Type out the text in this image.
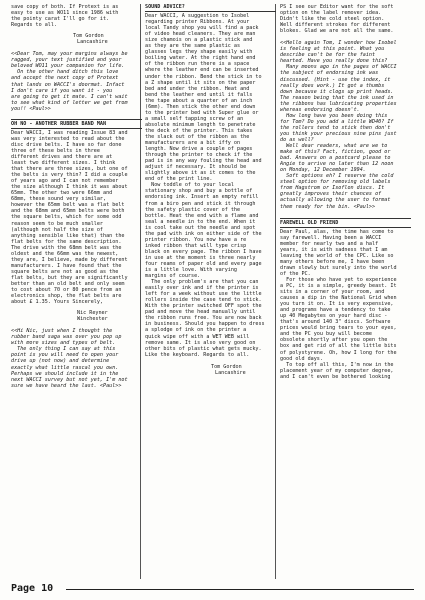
save copy of both. If Protext is as
easy to use as WO11 since 1986 with
the pointy carat I'll go for it.
Regards to all.
Tom Gordon
Lancashire
<<Dear Tom, may your margins always be
ragged, your text justified and your
beloved WO11 your companion for life.
On the other hand ditch this love
and accept the next copy of Protext
that lands on WACCI's doormat. Infact
I don't care if you want it - you
are going to get it mate. I can't wait
to see what kind of letter we get from
you!! <Paul>>
OH NO - ANOTHER RUBBER BAND MAN
Dear WACCI, I was reading Issue 83 and
was very interested to read about the
disc drive belts. I have so far done
three of these belts in three
different drives and there are at
least two different sizes. I think
that there are three sizes, but one of
the belts is very thin? I did a couple
of years ago and I can not remember
the size although I think it was about
65mm. The other two were 66mm and
68mm, these sound very similar,
however the 65mm belt was a flat belt
and the 68mm and 65mm belts were both
the square belts, which for some odd
reason seem to be much smaller
(although not half the size of
anything sensible like that) than the
flat belts for the same description.
The drive with the 68mm belt was the
oldest and the 66mm was the newest,
they are, I believe, made by different
manufacturers. I have found that the
square belts are not as good as the
flat belts, but they are significantly
better than an old belt and only seem
to cost about 70 or 80 pence from an
electronics shop, the flat belts are
about £ 1.35. Yours Sincerely,
Nic Reyner
Winchester
<<Hi Nic, just when I thought the
rubber band saga was over you pop up
with more sizes and types of belt.
The only thing I can say at this
point is you will need to open your
drive up (not now) and determine
exactly what little rascal you own.
Perhaps we should include it in the
next WACCI survey but not yet, I'm not
sure we have heard the last. <Paul>>
SOUND ADVICE?
Dear WACCI, A suggestion to Isobel
regarding printer Ribbons. At your
local Tandy shop you will find a pack
of video head cleaners. They are man
size chamois on a plastic stick and
as they are the same plastic as
glasses legs they shape easily with
boiling water. At the right hand end
of the ribbon run there is a space
where the leather end can be inserted
under the ribbon. Bend the stick in to
a Z shape until it sits on the paper
bed and under the ribbon. Heat and
bend the leather end until it falls
the tape about a quarter of an inch
(6mm). Then stick the other end down
to the printer bed with Super glue or
a small self tapping screw of an
absolute minimum length to penetrate
the deck of the printer. This takes
the slack out of the ribbon as the
manufacturers are a bit iffy on
length. Now drive a couple of pages
through the printer to check if the
pad is in any way fouling the head and
adjust if necessary. It should be
slightly above it as it comes to the
end of the print line.
Now toddle of to your local
stationary shop and buy a bottle of
endorsing ink. Insert an empty refill
from a biro pen and stick it through
the safety plastic cover of the
bottle. Heat the end with a flame and
seal a needle in to the end. When it
is cool take out the needle and spot
the pad with ink on either side of the
printer ribbon. You now have a re
inked ribbon that will type crisp
black on every page. The ribbon I have
in use at the moment is three nearly
four reams of paper old and every page
is a little love. With varying
margins of course.
The only problem's are that you can
easily over ink and if the printer is
left for a week without use the little
rollers inside the case tend to stick.
With the printer switched OFF spot the
pad and move the head manually until
the ribbon runs free. You are now back
in business. Should you happen to dress
a splodge of ink on the printer a
quick wipe off with a WET WEB will
remove same. It is also very good on
other bits of plastic what gets mucky.
Like the keyboard. Regards to all.
Tom Gordon
Lancashire
PS I see our Editor want for the soft
option on the label remover idea.
Didn't like the cold steel option.
Well different strokes for different
blokes. Glad we are not all the same.
<<Hello again Tom, I wonder how Isobel
is feeling at this point. What you
describe can't be for the faint
hearted. Have you really done this?
Many moons ago in the pages of WACCI
the subject of endorsing ink was
discussed. (Hint - use the index, it
really does work.) It got a thumbs
down because it clogs up print heads.
The reason being that the ink used in
the ribbons has lubricating properties
whereas endorsing doesn't.
How long have you been doing this
for Tom? Do you add a little WD40? If
the rollers tend to stick then don't
you think your precious nine pins just
do as well?
Well dear readers, what are we to
make of this? Fact, fiction, good or
bad. Answers on a postcard please to
Angie to arrive no later than 12 noon
on Monday, 12 December 1994.
Soft options eh? I reserve the cold
steel option for removing old labels
from Hagstrom or Isoflon discs. It
greatly improves their chances of
actually allowing the user to format
them ready for the bin. <Paul>>
FAREWELL OLD FRIEND
Dear Paul, alas, the time has come to
say farewell. Having been a WACCI
member for nearly two and a half
years, it is with sadness that I am
leaving the world of the CPC. Like so
many others before me, I have been
drawn slowly but surely into the world
of the PC.
For those who have yet to experience
a PC, it is a simple, greedy beast. It
sits in a corner of your room, and
causes a dip in the National Grid when
you turn it on. It is very expensive,
and programs have a tendency to take
up 40 Megabytes on your hard disc -
that's around 140 3" discs. Software
prices would bring tears to your eyes,
and the PC you buy will become
obsolete shortly after you open the
box and get rid of all the little bits
of polystyrene. Oh, how I long for the
good old days.
To top off all this, I'm now in the
placement year of my computer degree,
and I can't even be bothered looking
Page 10
